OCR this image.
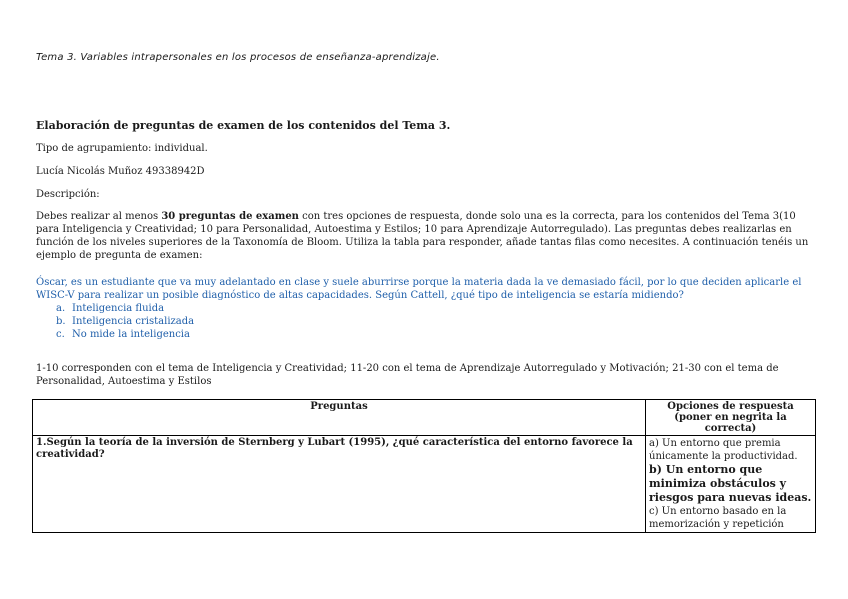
Tema 3. Variables intrapersonales en los procesos de enseñanza-aprendizaje.
Elaboración de preguntas de examen de los contenidos del Tema 3.
Tipo de agrupamiento: individual.
Lucía Nicolás Muñoz 49338942D
Descripción:
Debes realizar al menos 30 preguntas de examen con tres opciones de respuesta, donde solo una es la correcta, para los contenidos del Tema 3(10 para Inteligencia y Creatividad; 10 para Personalidad, Autoestima y Estilos; 10 para Aprendizaje Autorregulado). Las preguntas debes realizarlas en función de los niveles superiores de la Taxonomía de Bloom. Utiliza la tabla para responder, añade tantas filas como necesites. A continuación tenéis un ejemplo de pregunta de examen:
Óscar, es un estudiante que va muy adelantado en clase y suele aburrirse porque la materia dada la ve demasiado fácil, por lo que deciden aplicarle el WISC-V para realizar un posible diagnóstico de altas capacidades. Según Cattell, ¿qué tipo de inteligencia se estaría midiendo?
a. Inteligencia fluida
b. Inteligencia cristalizada
c. No mide la inteligencia
1-10 corresponden con el tema de Inteligencia y Creatividad; 11-20 con el tema de Aprendizaje Autorregulado y Motivación; 21-30 con el tema de Personalidad, Autoestima y Estilos
Preguntas	Opciones de respuesta (poner en negrita la correcta)
1.Según la teoría de la inversión de Sternberg y Lubart (1995), ¿qué característica del entorno favorece la creatividad?	a) Un entorno que premia únicamente la productividad.
b) Un entorno que minimiza obstáculos y riesgos para nuevas ideas.
c) Un entorno basado en la memorización y repetición
